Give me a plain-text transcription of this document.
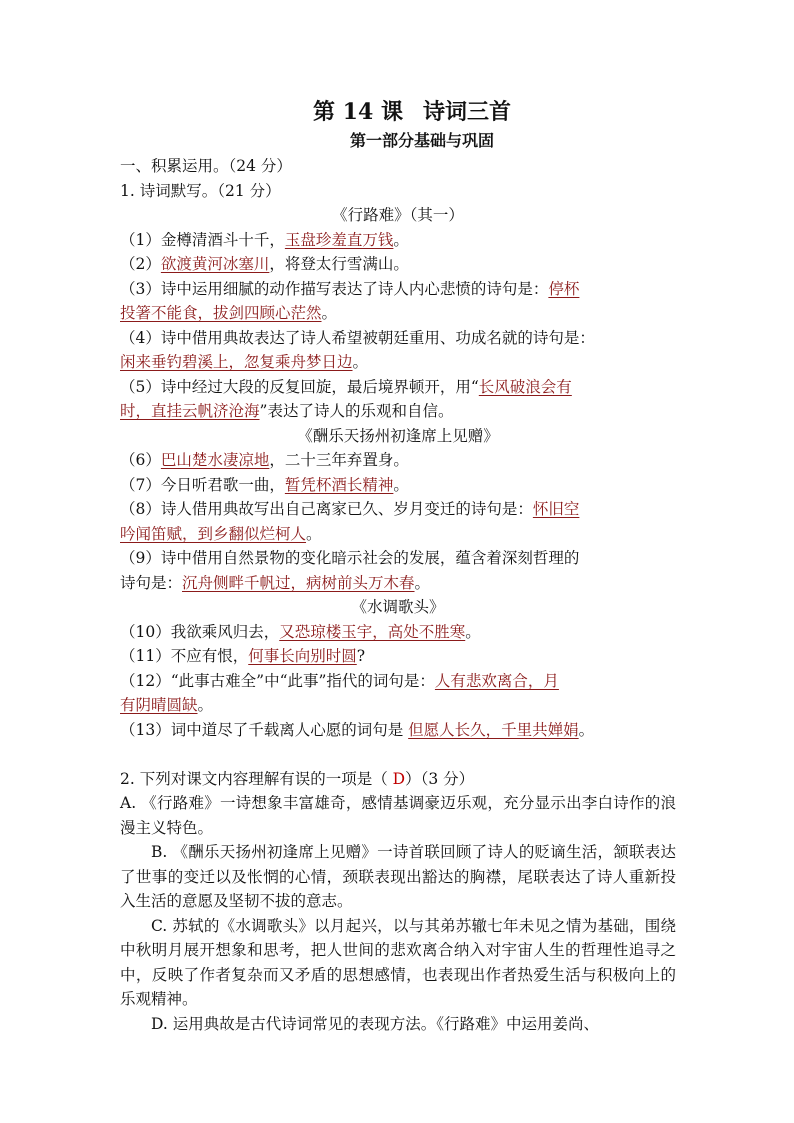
第 14 课 诗词三首
第一部分基础与巩固
一、积累运用。（24 分）
1. 诗词默写。（21 分）
《行路难》（其一）
（1）金樽清酒斗十千，玉盘珍羞直万钱。
（2）欲渡黄河冰塞川，将登太行雪满山。
（3）诗中运用细腻的动作描写表达了诗人内心悲愤的诗句是：停杯
投箸不能食，拔剑四顾心茫然。
（4）诗中借用典故表达了诗人希望被朝廷重用、功成名就的诗句是：
闲来垂钓碧溪上，忽复乘舟梦日边。
（5）诗中经过大段的反复回旋，最后境界顿开，用“长风破浪会有
时，直挂云帆济沧海”表达了诗人的乐观和自信。
《酬乐天扬州初逢席上见赠》
（6）巴山楚水凄凉地，二十三年弃置身。
（7）今日听君歌一曲，暂凭杯酒长精神。
（8）诗人借用典故写出自己离家已久、岁月变迁的诗句是：怀旧空
吟闻笛赋，到乡翻似烂柯人。
（9）诗中借用自然景物的变化暗示社会的发展，蕴含着深刻哲理的
诗句是：沉舟侧畔千帆过，病树前头万木春。
《水调歌头》
（10）我欲乘风归去，又恐琼楼玉宇，高处不胜寒。
（11）不应有恨，何事长向别时圆?
（12）“此事古难全”中“此事”指代的词句是：人有悲欢离合，月
有阴晴圆缺。
（13）词中道尽了千载离人心愿的词句是 但愿人长久，千里共婵娟。
2. 下列对课文内容理解有误的一项是（ D）（3 分）
A. 《行路难》一诗想象丰富雄奇，感情基调豪迈乐观，充分显示出李白诗作的浪漫主义特色。
B. 《酬乐天扬州初逢席上见赠》一诗首联回顾了诗人的贬谪生活，颔联表达了世事的变迁以及怅惘的心情，颈联表现出豁达的胸襟，尾联表达了诗人重新投入生活的意愿及坚韧不拔的意志。
C. 苏轼的《水调歌头》以月起兴，以与其弟苏辙七年未见之情为基础，围绕中秋明月展开想象和思考，把人世间的悲欢离合纳入对宇宙人生的哲理性追寻之中，反映了作者复杂而又矛盾的思想感情，也表现出作者热爱生活与积极向上的乐观精神。
D. 运用典故是古代诗词常见的表现方法。《行路难》中运用姜尚、
